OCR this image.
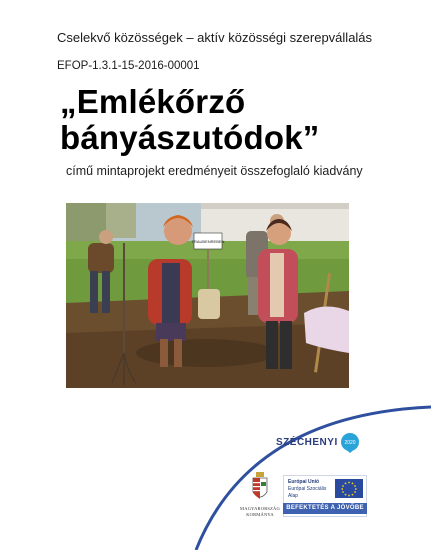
Cselekvő közösségek – aktív közösségi szerepvállalás
EFOP-1.3.1-15-2016-00001
„Emlékőrző
bányászutódok”
című mintaprojekt eredményeit összefoglaló kiadvány
TRAUBENREBEN
SZÉCHENYI 2020
MAGYARORSZÁG
KORMÁNYA
Európai Unió
Európai Szociális
Alap
BEFEKTETÉS A JÖVŐBE
